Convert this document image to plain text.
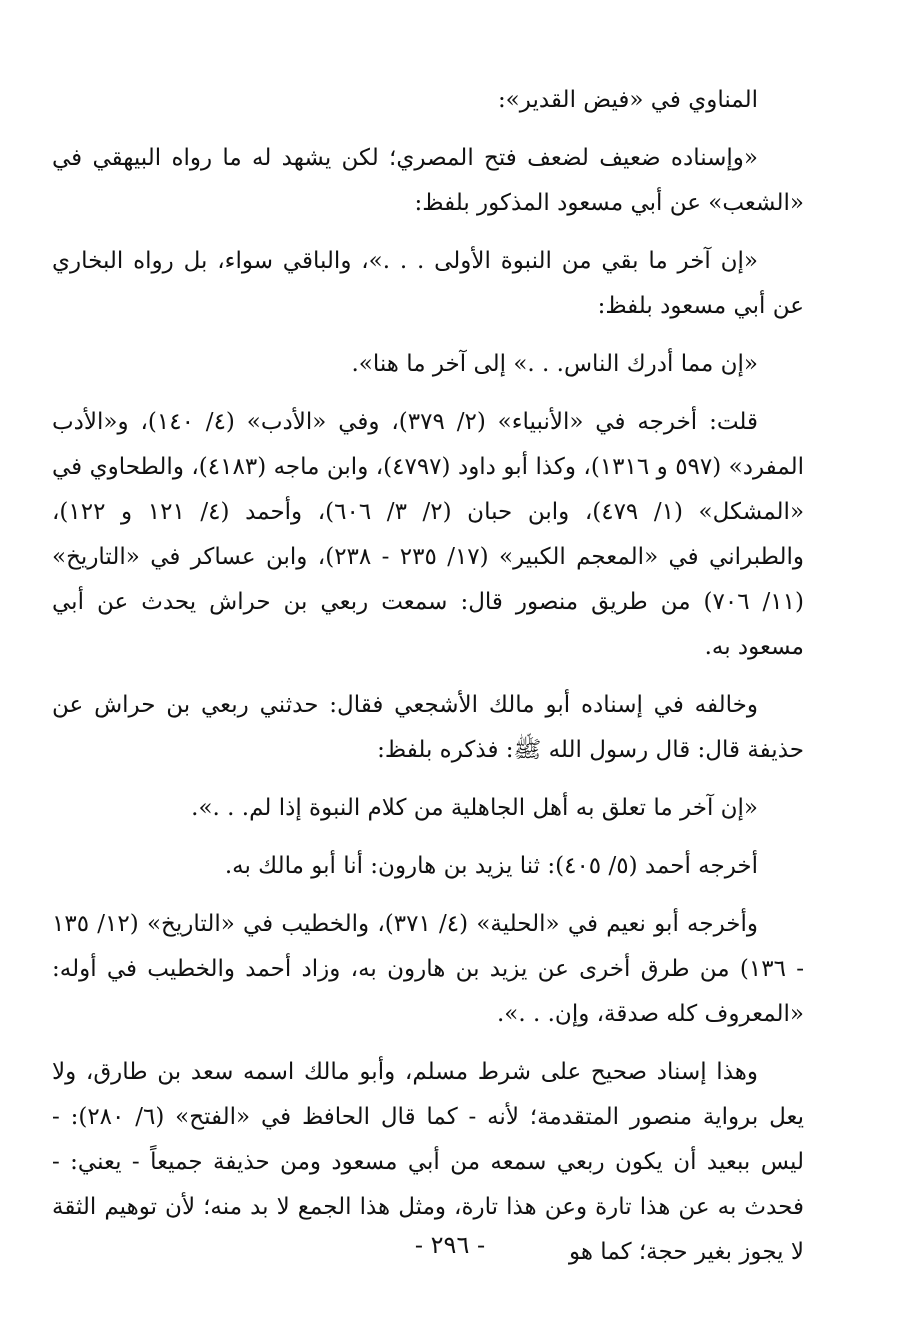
المناوي في «فيض القدير»:

«وإسناده ضعيف لضعف فتح المصري؛ لكن يشهد له ما رواه البيهقي في «الشعب» عن أبي مسعود المذكور بلفظ:

«إن آخر ما بقي من النبوة الأولى . . .»، والباقي سواء، بل رواه البخاري عن أبي مسعود بلفظ:

«إن مما أدرك الناس. . .» إلى آخر ما هنا».

قلت: أخرجه في «الأنبياء» (٢/ ٣٧٩)، وفي «الأدب» (٤/ ١٤٠)، و«الأدب المفرد» (٥٩٧ و ١٣١٦)، وكذا أبو داود (٤٧٩٧)، وابن ماجه (٤١٨٣)، والطحاوي في «المشكل» (١/ ٤٧٩)، وابن حبان (٢/ ٣/ ٦٠٦)، وأحمد (٤/ ١٢١ و ١٢٢)، والطبراني في «المعجم الكبير» (١٧/ ٢٣٥ - ٢٣٨)، وابن عساكر في «التاريخ» (١١/ ٧٠٦) من طريق منصور قال: سمعت ربعي بن حراش يحدث عن أبي مسعود به.

وخالفه في إسناده أبو مالك الأشجعي فقال: حدثني ربعي بن حراش عن حذيفة قال: قال رسول الله ﷺ: فذكره بلفظ:

«إن آخر ما تعلق به أهل الجاهلية من كلام النبوة إذا لم. . .».

أخرجه أحمد (٥/ ٤٠٥): ثنا يزيد بن هارون: أنا أبو مالك به.

وأخرجه أبو نعيم في «الحلية» (٤/ ٣٧١)، والخطيب في «التاريخ» (١٢/ ١٣٥ - ١٣٦) من طرق أخرى عن يزيد بن هارون به، وزاد أحمد والخطيب في أوله: «المعروف كله صدقة، وإن. . .».

وهذا إسناد صحيح على شرط مسلم، وأبو مالك اسمه سعد بن طارق، ولا يعل برواية منصور المتقدمة؛ لأنه - كما قال الحافظ في «الفتح» (٦/ ٢٨٠): - ليس ببعيد أن يكون ربعي سمعه من أبي مسعود ومن حذيفة جميعاً - يعني: - فحدث به عن هذا تارة وعن هذا تارة، ومثل هذا الجمع لا بد منه؛ لأن توهيم الثقة لا يجوز بغير حجة؛ كما هو

- ٢٩٦ -
